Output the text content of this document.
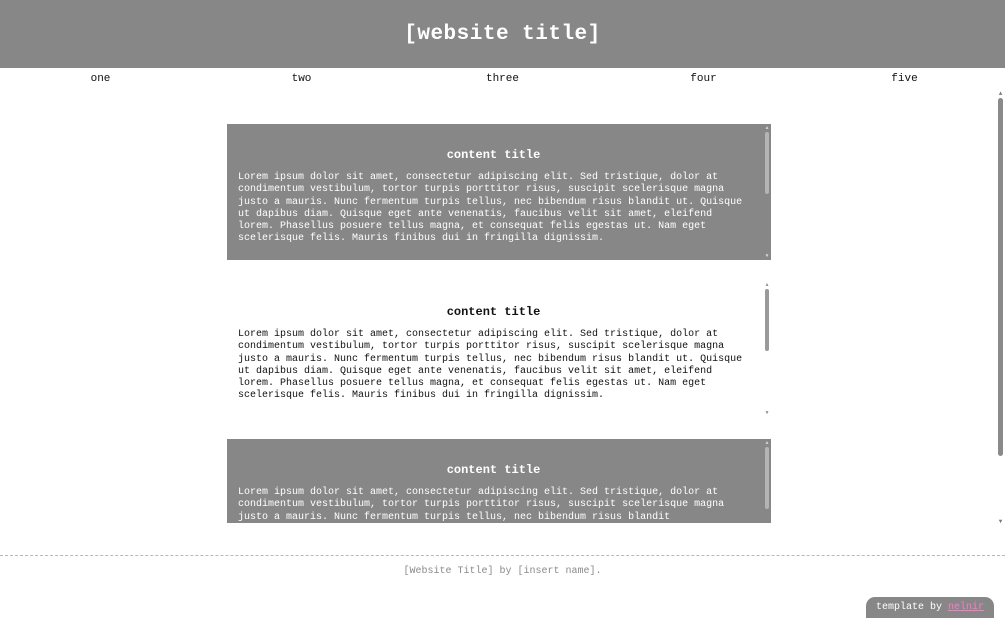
[website title]
one	two	three	four	five
content title
Lorem ipsum dolor sit amet, consectetur adipiscing elit. Sed tristique, dolor at condimentum vestibulum, tortor turpis porttitor risus, suscipit scelerisque magna justo a mauris. Nunc fermentum turpis tellus, nec bibendum risus blandit ut. Quisque ut dapibus diam. Quisque eget ante venenatis, faucibus velit sit amet, eleifend lorem. Phasellus posuere tellus magna, et consequat felis egestas ut. Nam eget scelerisque felis. Mauris finibus dui in fringilla dignissim.
▲
▼
content title
Lorem ipsum dolor sit amet, consectetur adipiscing elit. Sed tristique, dolor at condimentum vestibulum, tortor turpis porttitor risus, suscipit scelerisque magna justo a mauris. Nunc fermentum turpis tellus, nec bibendum risus blandit ut. Quisque ut dapibus diam. Quisque eget ante venenatis, faucibus velit sit amet, eleifend lorem. Phasellus posuere tellus magna, et consequat felis egestas ut. Nam eget scelerisque felis. Mauris finibus dui in fringilla dignissim.
▲
▼
content title
Lorem ipsum dolor sit amet, consectetur adipiscing elit. Sed tristique, dolor at condimentum vestibulum, tortor turpis porttitor risus, suscipit scelerisque magna justo a mauris. Nunc fermentum turpis tellus, nec bibendum risus blandit
▲
▲
▼
[Website Title] by [insert name].
template by nelnir
